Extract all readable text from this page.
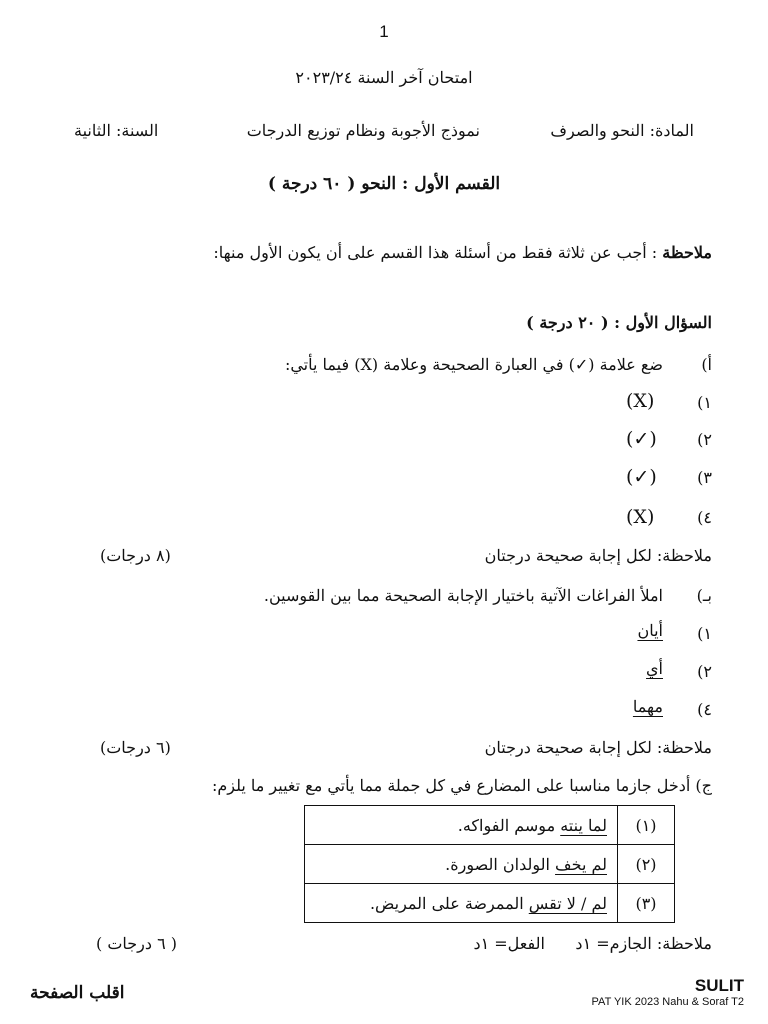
1
امتحان آخر السنة ٢٠٢٣/٢٤
المادة: النحو والصرف
نموذج الأجوبة ونظام توزيع الدرجات
السنة: الثانية
القسم الأول : النحو ( ٦٠ درجة )
ملاحظة : أجب عن ثلاثة فقط من أسئلة هذا القسم على أن يكون الأول منها:
السؤال الأول : ( ٢٠ درجة )
أ)
ضع علامة (✓) في العبارة الصحيحة وعلامة (X) فيما يأتي:
١)
(X)
٢)
(✓)
٣)
(✓)
٤)
(X)
ملاحظة: لكل إجابة صحيحة درجتان
(٨ درجات)
بـ)
املأ الفراغات الآتية باختيار الإجابة الصحيحة مما بين القوسين.
١)
أيان
٢)
أي
٤)
مهما
ملاحظة: لكل إجابة صحيحة درجتان
(٦ درجات)
ج) أدخل جازما مناسبا على المضارع في كل جملة مما يأتي مع تغيير ما يلزم:
(١)	لما ينته موسم الفواكه.
(٢)	لم يخف الولدان الصورة.
(٣)	لم / لا تقس الممرضة على المريض.
ملاحظة: الجازم= ١د      الفعل= ١د
( ٦ درجات )
اقلب الصفحة	SULIT
PAT YIK 2023 Nahu & Soraf T2
